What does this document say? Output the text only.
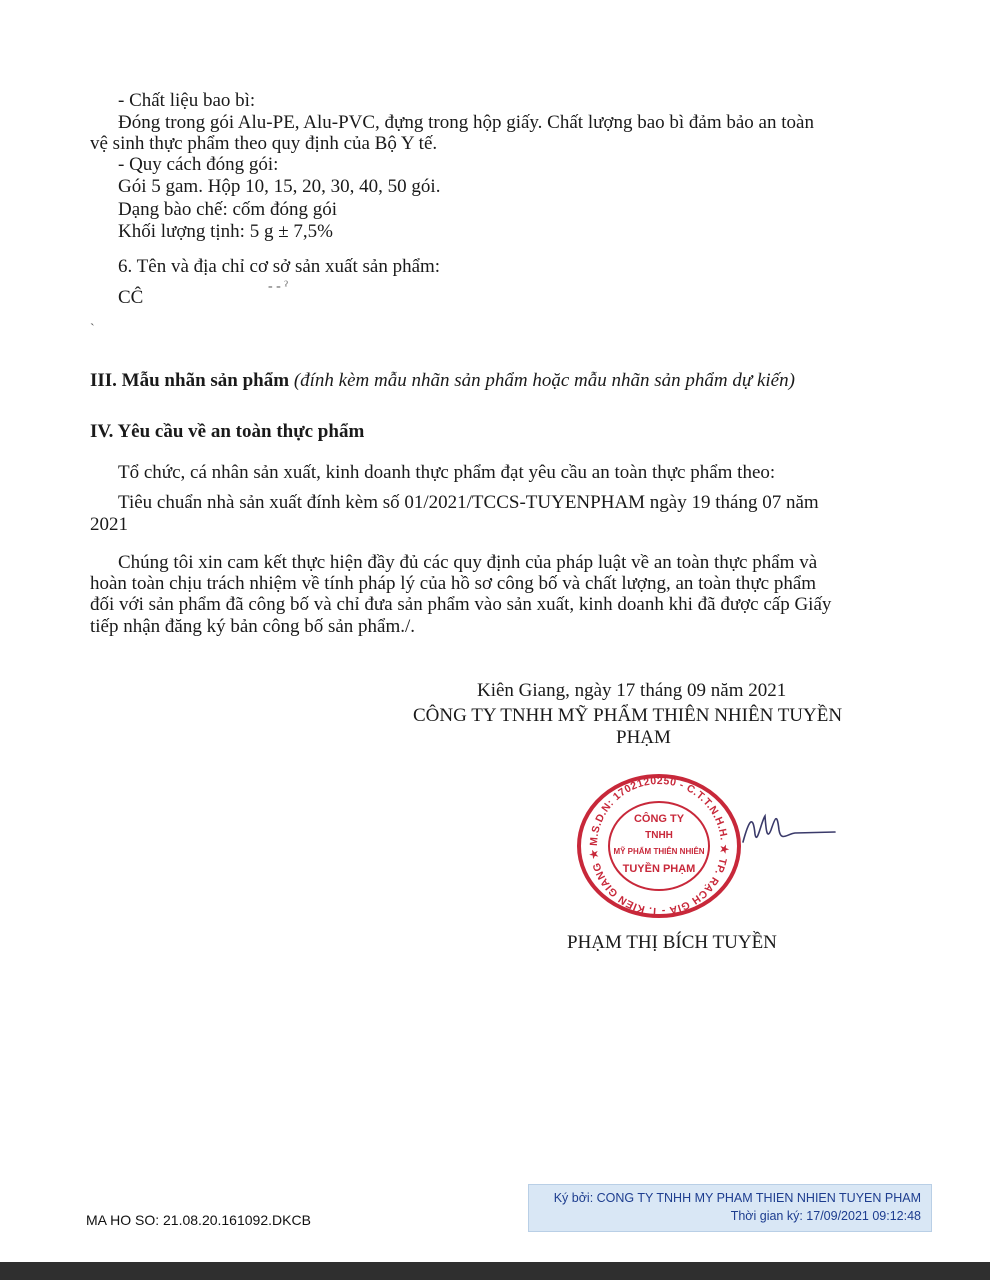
- Chất liệu bao bì:
Đóng trong gói Alu-PE, Alu-PVC, đựng trong hộp giấy. Chất lượng bao bì đảm bảo an toàn
vệ sinh thực phẩm theo quy định của Bộ Y tế.
- Quy cách đóng gói:
Gói 5 gam. Hộp 10, 15, 20, 30, 40, 50 gói.
Dạng bào chế: cốm đóng gói
Khối lượng tịnh: 5 g ± 7,5%
6. Tên và địa chỉ cơ sở sản xuất sản phẩm:
CĈ
- - ˀ
ˋ
III. Mẫu nhãn sản phẩm (đính kèm mẫu nhãn sản phẩm hoặc mẫu nhãn sản phẩm dự kiến)
IV. Yêu cầu về an toàn thực phẩm
Tổ chức, cá nhân sản xuất, kinh doanh thực phẩm đạt yêu cầu an toàn thực phẩm theo:
Tiêu chuẩn nhà sản xuất đính kèm số 01/2021/TCCS-TUYENPHAM ngày 19 tháng 07 năm
2021
Chúng tôi xin cam kết thực hiện đầy đủ các quy định của pháp luật về an toàn thực phẩm và
hoàn toàn chịu trách nhiệm về tính pháp lý của hồ sơ công bố và chất lượng, an toàn thực phẩm
đối với sản phẩm đã công bố và chỉ đưa sản phẩm vào sản xuất, kinh doanh khi đã được cấp Giấy
tiếp nhận đăng ký bản công bố sản phẩm./.
Kiên Giang, ngày 17 tháng 09 năm 2021
CÔNG TY TNHH MỸ PHẨM THIÊN NHIÊN TUYỀN
PHẠM
M.S.D.N: 1702120250 - C.T.T.N.H.H. ★ TP. RẠCH GIÁ - T. KIÊN GIANG ★
CÔNG TY
TNHH
MỸ PHẨM THIÊN NHIÊN
TUYỀN PHẠM
PHẠM THỊ BÍCH TUYỀN
MA HO SO: 21.08.20.161092.DKCB
Ký bởi: CONG TY TNHH MY PHAM THIEN NHIEN TUYEN PHAM
Thời gian ký: 17/09/2021 09:12:48
